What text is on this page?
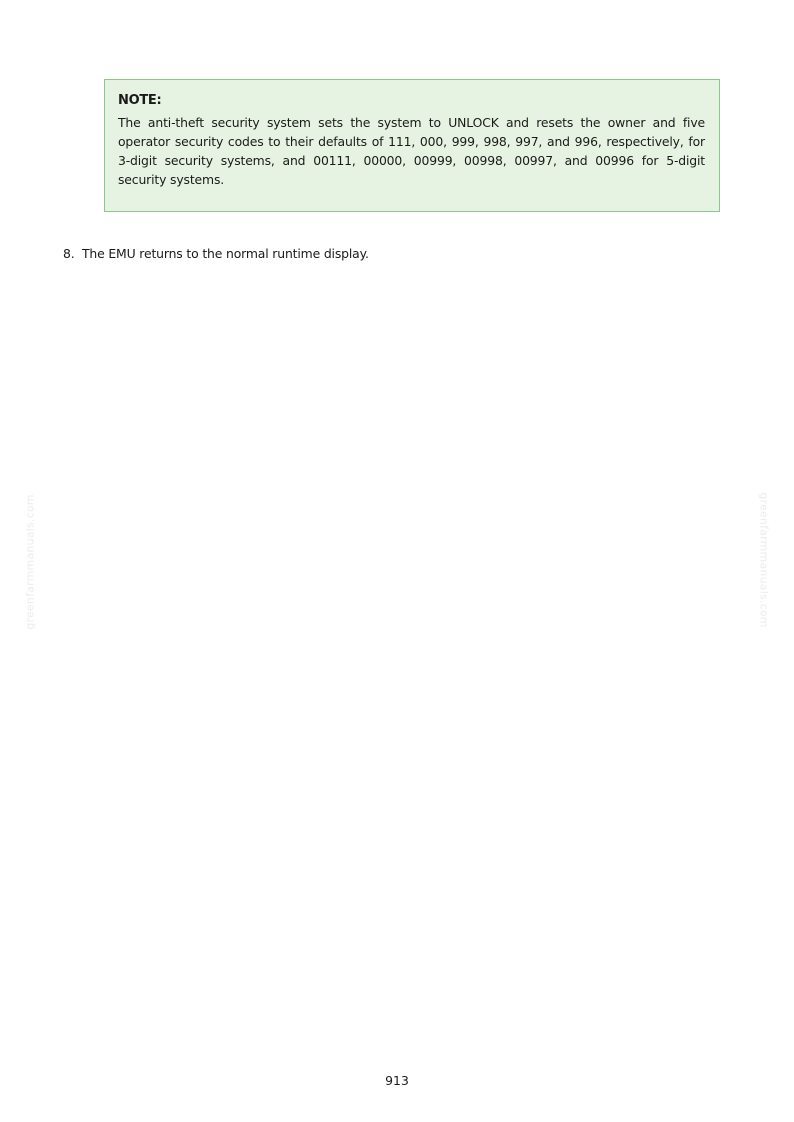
NOTE:

The anti-theft security system sets the system to UNLOCK and resets the owner and five operator security codes to their defaults of 111, 000, 999, 998, 997, and 996, respectively, for 3-digit security systems, and 00111, 00000, 00999, 00998, 00997, and 00996 for 5-digit security systems.

8. The EMU returns to the normal runtime display.
greenfarmmanuals.com	greenfarmmanuals.com
913
